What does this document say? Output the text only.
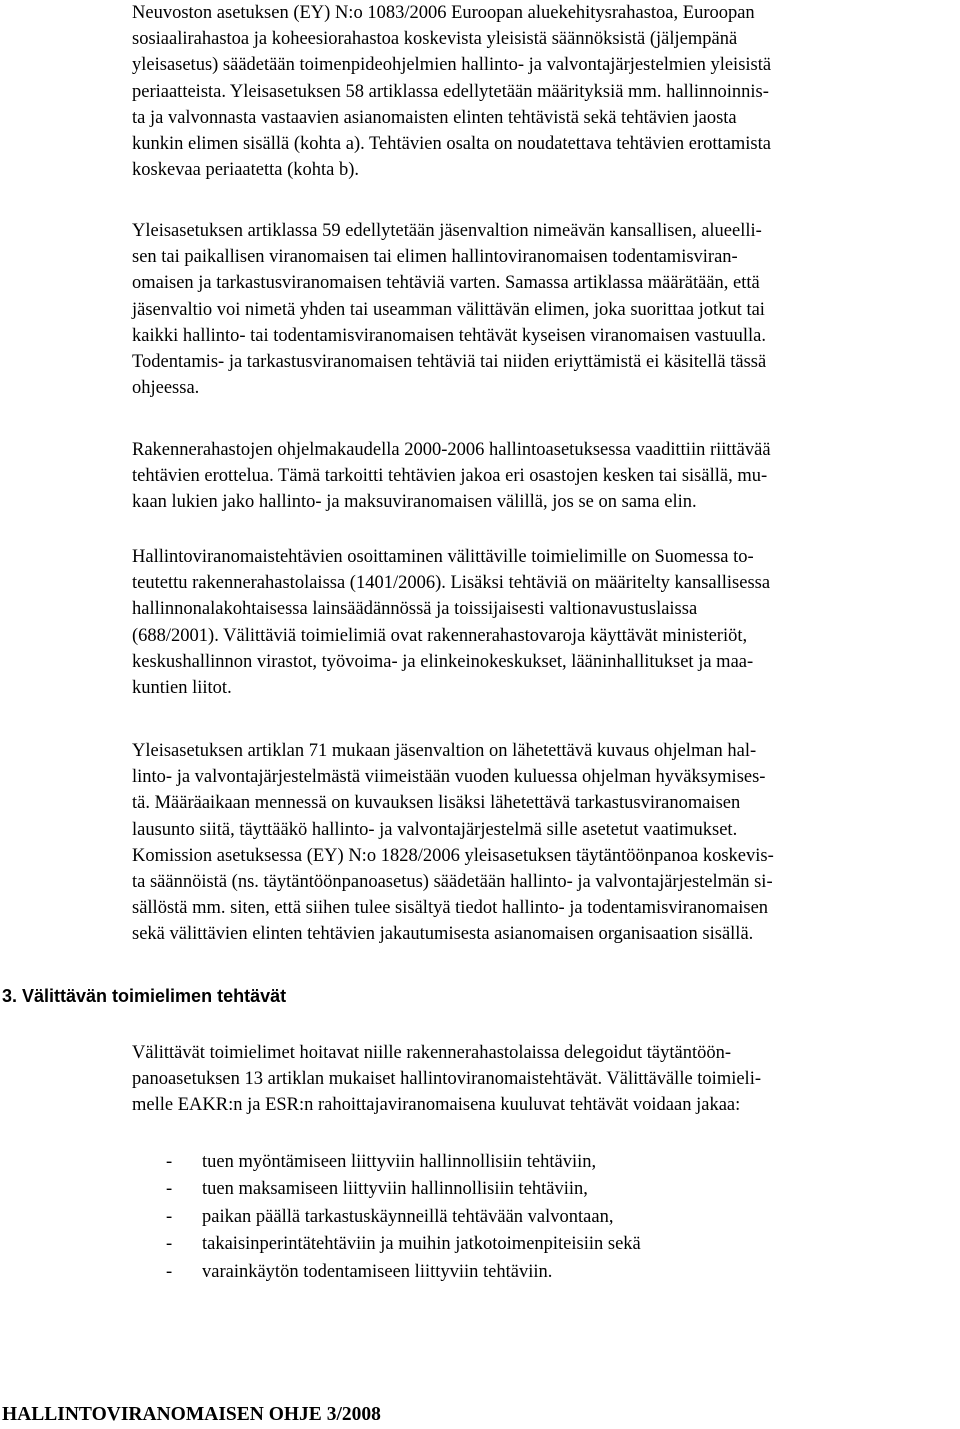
Neuvoston asetuksen (EY) N:o 1083/2006 Euroopan aluekehitysrahastoa, Euroopan
sosiaalirahastoa ja koheesiorahastoa koskevista yleisistä säännöksistä (jäljempänä
yleisasetus) säädetään toimenpideohjelmien hallinto- ja valvontajärjestelmien yleisistä
periaatteista. Yleisasetuksen 58 artiklassa edellytetään määrityksiä mm. hallinnoinnis-
ta ja valvonnasta vastaavien asianomaisten elinten tehtävistä sekä tehtävien jaosta
kunkin elimen sisällä (kohta a). Tehtävien osalta on noudatettava tehtävien erottamista
koskevaa periaatetta (kohta b).

Yleisasetuksen artiklassa 59 edellytetään jäsenvaltion nimeävän kansallisen, alueelli-
sen tai paikallisen viranomaisen tai elimen hallintoviranomaisen todentamisviran-
omaisen ja tarkastusviranomaisen tehtäviä varten. Samassa artiklassa määrätään, että
jäsenvaltio voi nimetä yhden tai useamman välittävän elimen, joka suorittaa jotkut tai
kaikki hallinto- tai todentamisviranomaisen tehtävät kyseisen viranomaisen vastuulla.
Todentamis- ja tarkastusviranomaisen tehtäviä tai niiden eriyttämistä ei käsitellä tässä
ohjeessa.

Rakennerahastojen ohjelmakaudella 2000-2006 hallintoasetuksessa vaadittiin riittävää
tehtävien erottelua. Tämä tarkoitti tehtävien jakoa eri osastojen kesken tai sisällä, mu-
kaan lukien jako hallinto- ja maksuviranomaisen välillä, jos se on sama elin.

Hallintoviranomaistehtävien osoittaminen välittäville toimielimille on Suomessa to-
teutettu rakennerahastolaissa (1401/2006). Lisäksi tehtäviä on määritelty kansallisessa
hallinnonalakohtaisessa lainsäädännössä ja toissijaisesti valtionavustuslaissa
(688/2001). Välittäviä toimielimiä ovat rakennerahastovaroja käyttävät ministeriöt,
keskushallinnon virastot, työvoima- ja elinkeinokeskukset, lääninhallitukset ja maa-
kuntien liitot.

Yleisasetuksen artiklan 71 mukaan jäsenvaltion on lähetettävä kuvaus ohjelman hal-
linto- ja valvontajärjestelmästä viimeistään vuoden kuluessa ohjelman hyväksymises-
tä. Määräaikaan mennessä on kuvauksen lisäksi lähetettävä tarkastusviranomaisen
lausunto siitä, täyttääkö hallinto- ja valvontajärjestelmä sille asetetut vaatimukset.
Komission asetuksessa (EY) N:o 1828/2006 yleisasetuksen täytäntöönpanoa koskevis-
ta säännöistä (ns. täytäntöönpanoasetus) säädetään hallinto- ja valvontajärjestelmän si-
sällöstä mm. siten, että siihen tulee sisältyä tiedot hallinto- ja todentamisviranomaisen
sekä välittävien elinten tehtävien jakautumisesta asianomaisen organisaation sisällä.

3. Välittävän toimielimen tehtävät

Välittävät toimielimet hoitavat niille rakennerahastolaissa delegoidut täytäntöön-
panoasetuksen 13 artiklan mukaiset hallintoviranomaistehtävät. Välittävälle toimieli-
melle EAKR:n ja ESR:n rahoittajaviranomaisena kuuluvat tehtävät voidaan jakaa:

- tuen myöntämiseen liittyviin hallinnollisiin tehtäviin,
- tuen maksamiseen liittyviin hallinnollisiin tehtäviin,
- paikan päällä tarkastuskäynneillä tehtävään valvontaan,
- takaisinperintätehtäviin ja muihin jatkotoimenpiteisiin sekä
- varainkäytön todentamiseen liittyviin tehtäviin.
HALLINTOVIRANOMAISEN OHJE 3/2008
